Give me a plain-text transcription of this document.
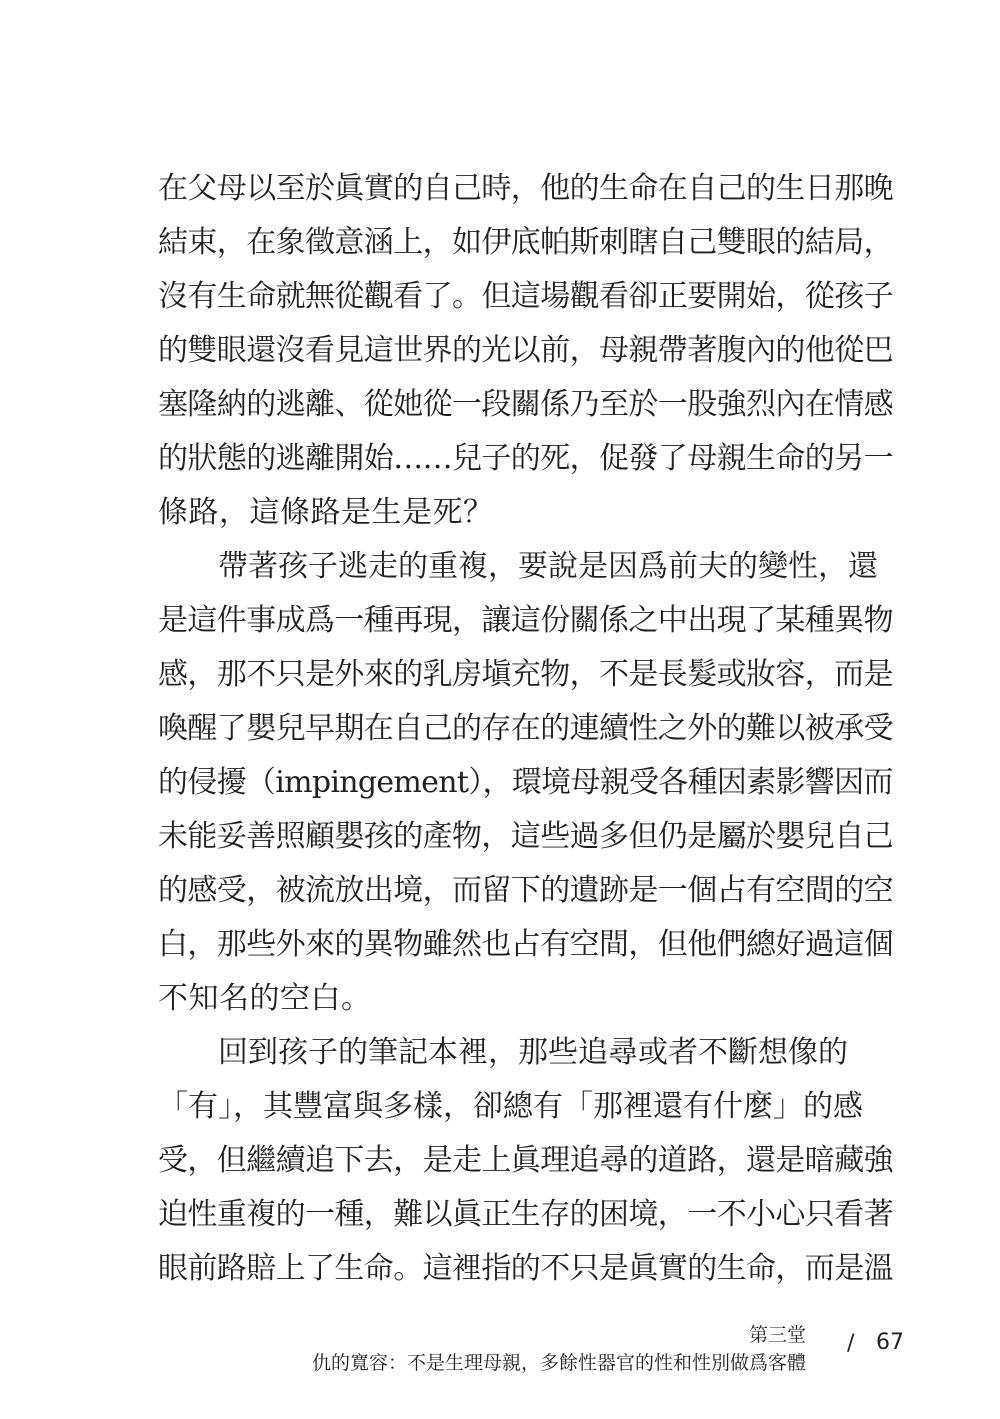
在父母以至於眞實的自己時，他的生命在自己的生日那晚
結束，在象徵意涵上，如伊底帕斯刺瞎自己雙眼的結局，
沒有生命就無從觀看了。但這場觀看卻正要開始，從孩子
的雙眼還沒看見這世界的光以前，母親帶著腹內的他從巴
塞隆納的逃離、從她從一段關係乃至於一股強烈內在情感
的狀態的逃離開始……兒子的死，促發了母親生命的另一
條路，這條路是生是死？
帶著孩子逃走的重複，要說是因爲前夫的變性，還
是這件事成爲一種再現，讓這份關係之中出現了某種異物
感，那不只是外來的乳房塡充物，不是長髮或妝容，而是
喚醒了嬰兒早期在自己的存在的連續性之外的難以被承受
的侵擾（impingement），環境母親受各種因素影響因而
未能妥善照顧嬰孩的產物，這些過多但仍是屬於嬰兒自己
的感受，被流放出境，而留下的遺跡是一個占有空間的空
白，那些外來的異物雖然也占有空間，但他們總好過這個
不知名的空白。
回到孩子的筆記本裡，那些追尋或者不斷想像的
「有」，其豐富與多樣，卻總有「那裡還有什麼」的感
受，但繼續追下去，是走上眞理追尋的道路，還是暗藏強
迫性重複的一種，難以眞正生存的困境，一不小心只看著
眼前路賠上了生命。這裡指的不只是眞實的生命，而是溫
第三堂
仇的寬容：不是生理母親，多餘性器官的性和性別做爲客體
/ 67
